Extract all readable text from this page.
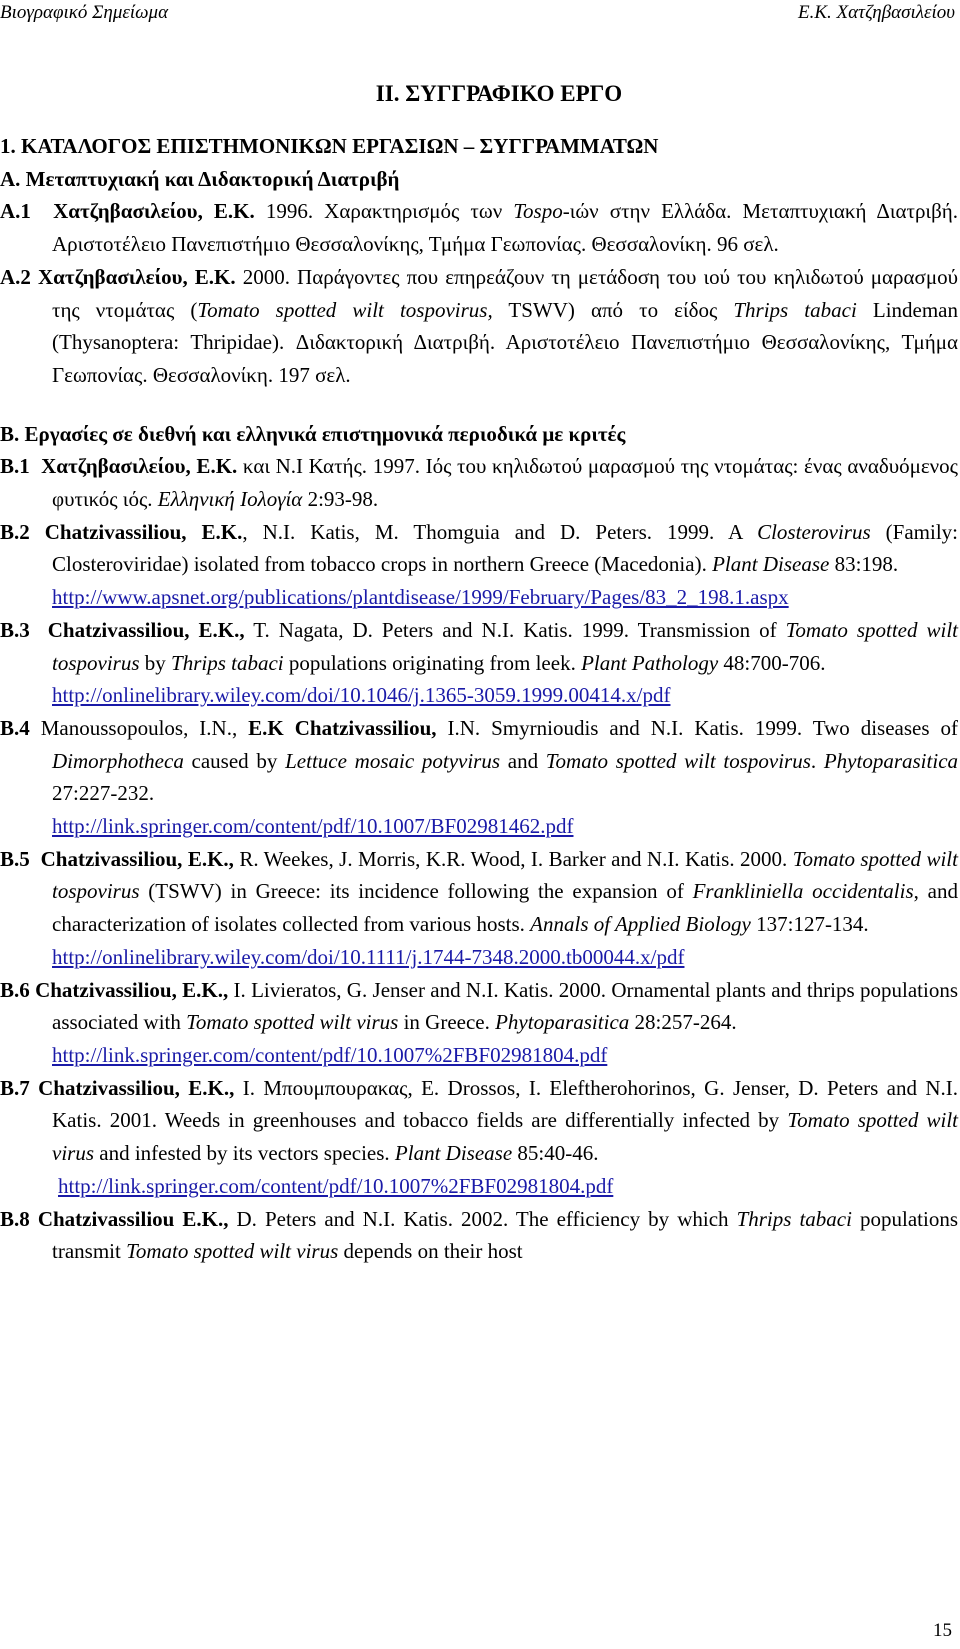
Βιογραφικό Σημείωμα	Ε.Κ. Χατζηβασιλείου
ΙΙ. ΣΥΓΓΡΑΦΙΚΟ ΕΡΓΟ
1. ΚΑΤΑΛΟΓΟΣ ΕΠΙΣΤΗΜΟΝΙΚΩΝ ΕΡΓΑΣΙΩΝ – ΣΥΓΓΡΑΜΜΑΤΩΝ
Α. Μεταπτυχιακή και Διδακτορική Διατριβή

Α.1 Χατζηβασιλείου, Ε.Κ. 1996. Χαρακτηρισμός των Tospo-ιών στην Ελλάδα. Μεταπτυχιακή Διατριβή. Αριστοτέλειο Πανεπιστήμιο Θεσσαλονίκης, Τμήμα Γεωπονίας. Θεσσαλονίκη. 96 σελ.

Α.2 Χατζηβασιλείου, Ε.Κ. 2000. Παράγοντες που επηρεάζουν τη μετάδοση του ιού του κηλιδωτού μαρασμού της ντομάτας (Tomato spotted wilt tospovirus, TSWV) από το είδος Thrips tabaci Lindeman (Thysanoptera: Thripidae). Διδακτορική Διατριβή. Αριστοτέλειο Πανεπιστήμιο Θεσσαλονίκης, Τμήμα Γεωπονίας. Θεσσαλονίκη. 197 σελ.

Β. Εργασίες σε διεθνή και ελληνικά επιστημονικά περιοδικά με κριτές

Β.1 Χατζηβασιλείου, Ε.Κ. και Ν.Ι Κατής. 1997. Ιός του κηλιδωτού μαρασμού της ντομάτας: ένας αναδυόμενος φυτικός ιός. Ελληνική Ιολογία 2:93-98.

B.2 Chatzivassiliou, E.K., N.I. Katis, M. Thomguia and D. Peters. 1999. A Closterovirus (Family: Closteroviridae) isolated from tobacco crops in northern Greece (Macedonia). Plant Disease 83:198.
http://www.apsnet.org/publications/plantdisease/1999/February/Pages/83_2_198.1.aspx

B.3 Chatzivassiliou, E.K., T. Nagata, D. Peters and N.I. Katis. 1999. Transmission of Tomato spotted wilt tospovirus by Thrips tabaci populations originating from leek. Plant Pathology 48:700-706.
http://onlinelibrary.wiley.com/doi/10.1046/j.1365-3059.1999.00414.x/pdf

B.4 Manoussopoulos, I.N., E.K Chatzivassiliou, I.N. Smyrnioudis and N.I. Katis. 1999. Two diseases of Dimorphotheca caused by Lettuce mosaic potyvirus and Tomato spotted wilt tospovirus. Phytoparasitica 27:227-232.
http://link.springer.com/content/pdf/10.1007/BF02981462.pdf

B.5 Chatzivassiliou, E.K., R. Weekes, J. Morris, K.R. Wood, I. Barker and N.I. Katis. 2000. Tomato spotted wilt tospovirus (TSWV) in Greece: its incidence following the expansion of Frankliniella occidentalis, and characterization of isolates collected from various hosts. Annals of Applied Biology 137:127-134.
http://onlinelibrary.wiley.com/doi/10.1111/j.1744-7348.2000.tb00044.x/pdf

B.6 Chatzivassiliou, E.K., I. Livieratos, G. Jenser and N.I. Katis. 2000. Ornamental plants and thrips populations associated with Tomato spotted wilt virus in Greece. Phytoparasitica 28:257-264.
http://link.springer.com/content/pdf/10.1007%2FBF02981804.pdf

B.7 Chatzivassiliou, E.K., I. Μπουμπουρακας, E. Drossos, I. Eleftherohorinos, G. Jenser, D. Peters and N.I. Katis. 2001. Weeds in greenhouses and tobacco fields are differentially infected by Tomato spotted wilt virus and infested by its vectors species. Plant Disease 85:40-46.
http://link.springer.com/content/pdf/10.1007%2FBF02981804.pdf

B.8 Chatzivassiliou E.K., D. Peters and N.I. Katis. 2002. The efficiency by which Thrips tabaci populations transmit Tomato spotted wilt virus depends on their host

15
